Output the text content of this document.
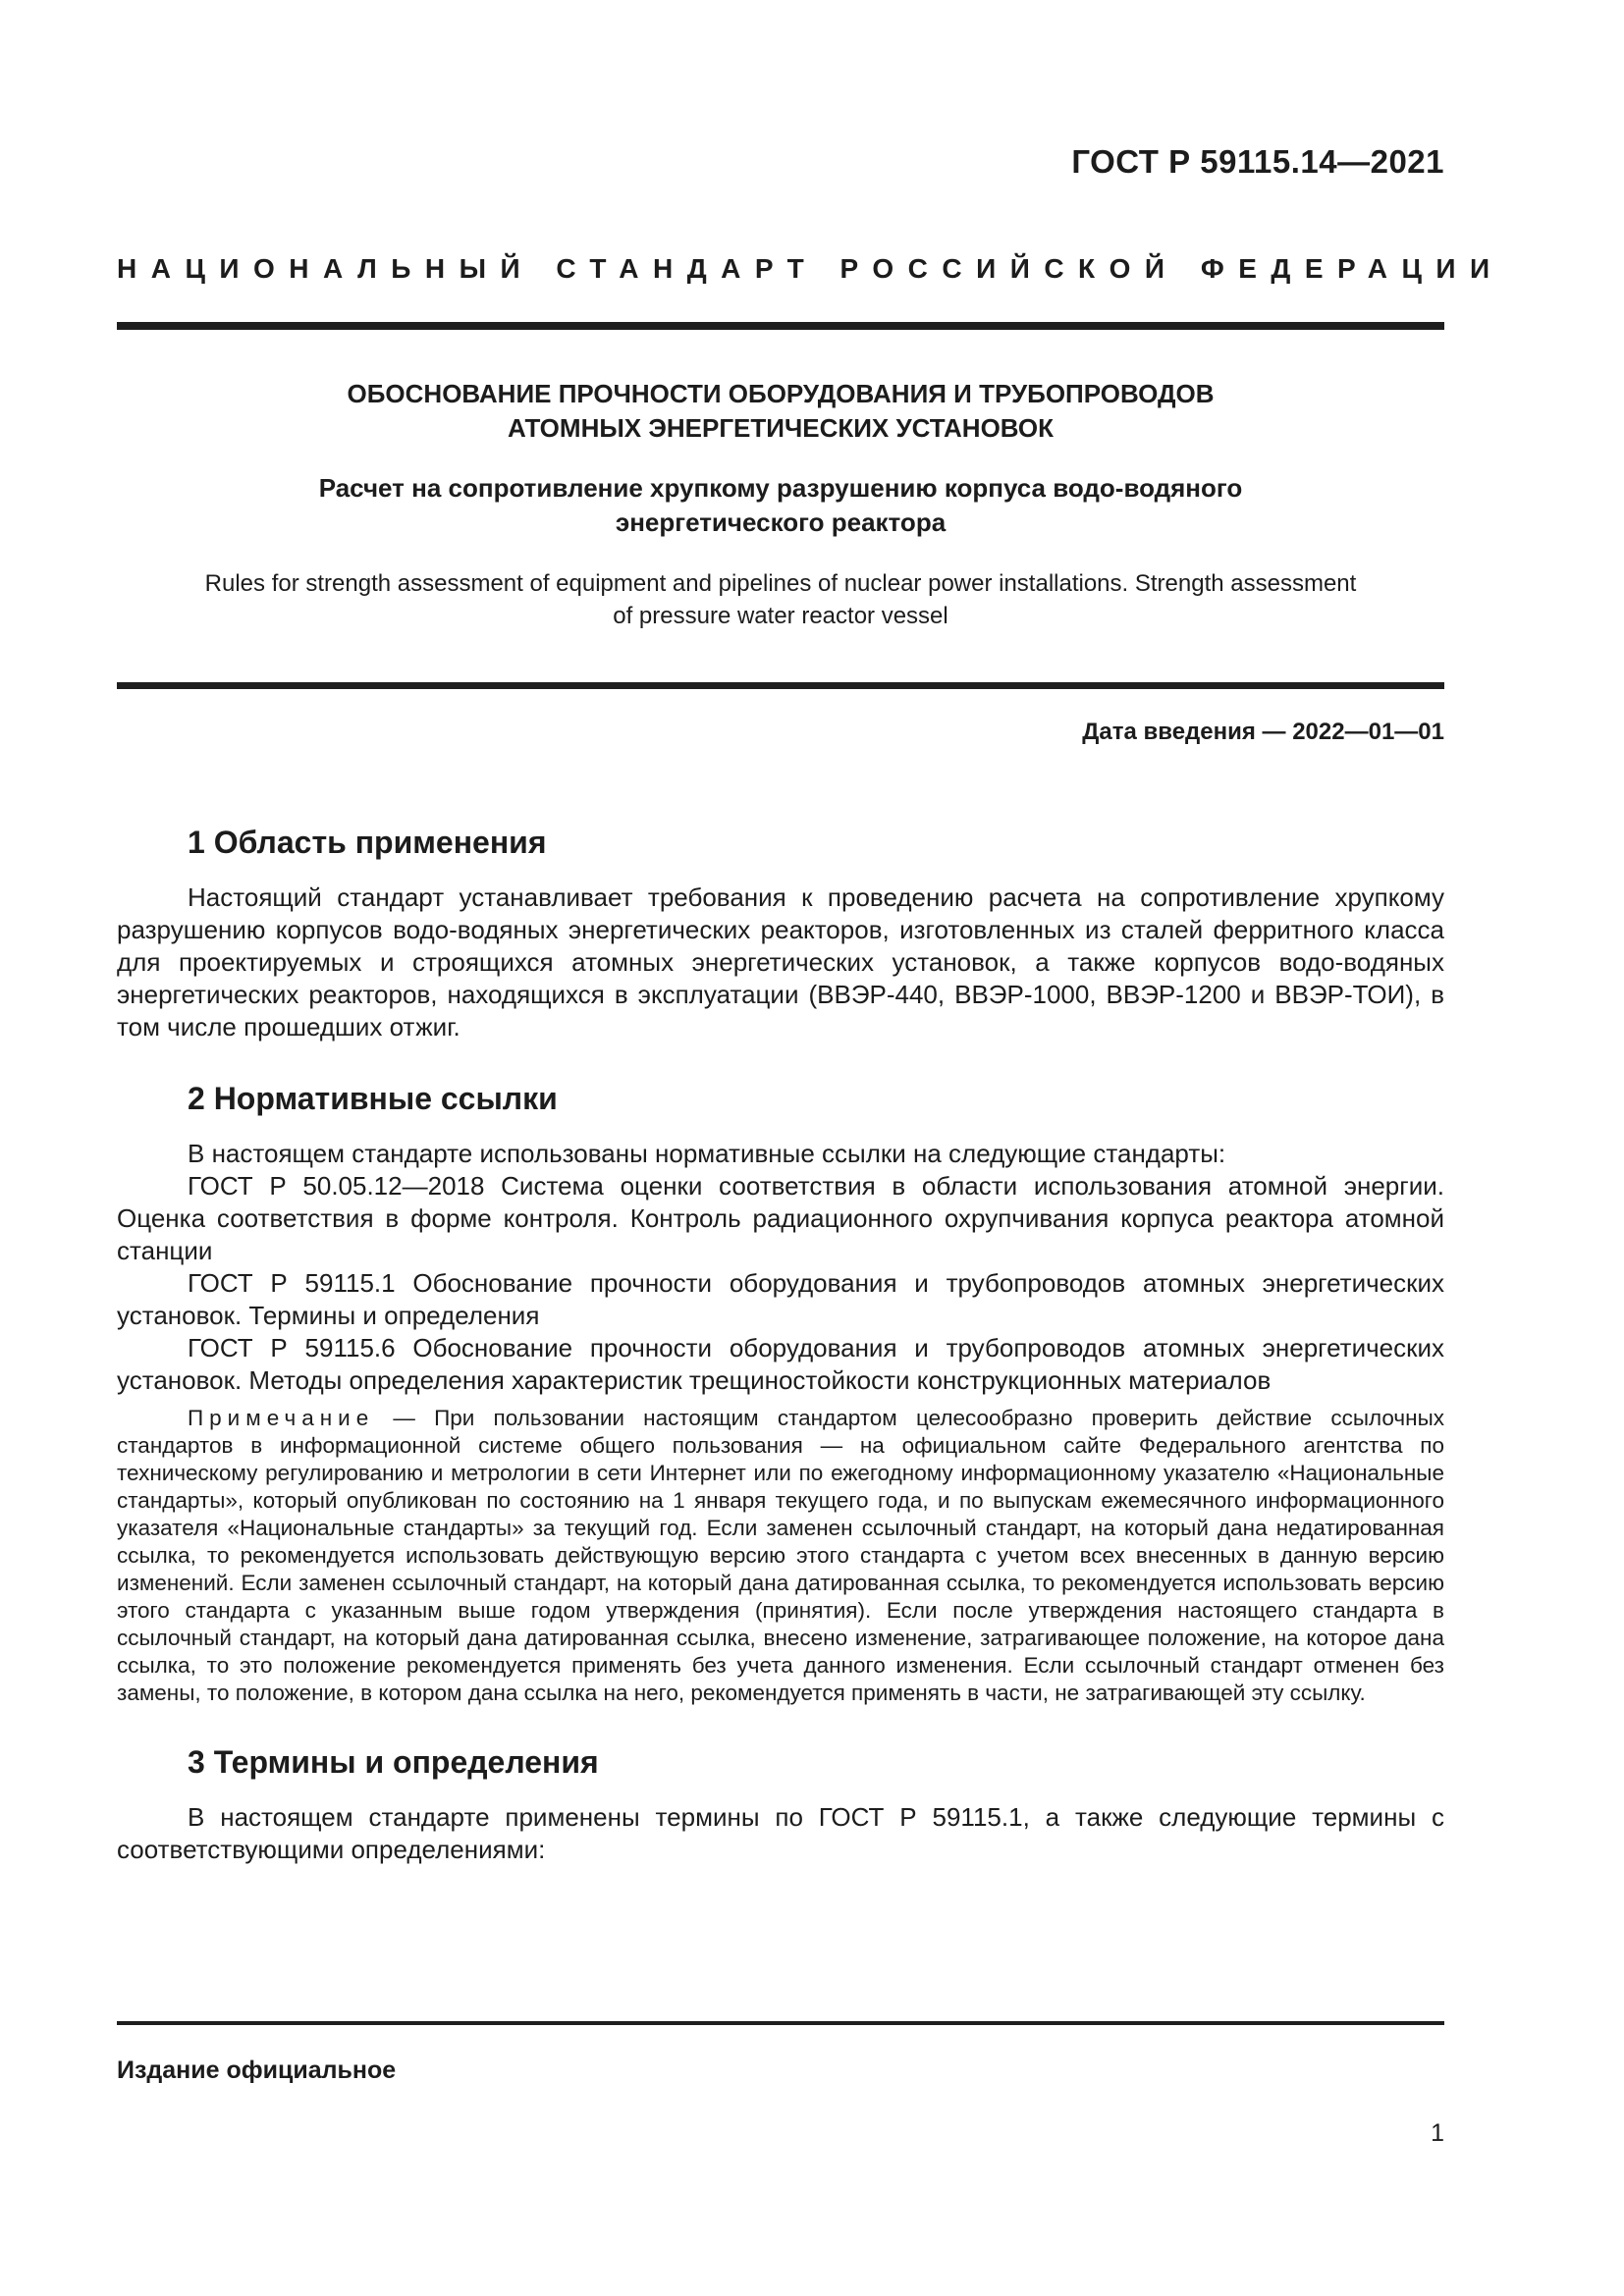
ГОСТ Р 59115.14—2021
НАЦИОНАЛЬНЫЙ СТАНДАРТ РОССИЙСКОЙ ФЕДЕРАЦИИ

ОБОСНОВАНИЕ ПРОЧНОСТИ ОБОРУДОВАНИЯ И ТРУБОПРОВОДОВ
АТОМНЫХ ЭНЕРГЕТИЧЕСКИХ УСТАНОВОК

Расчет на сопротивление хрупкому разрушению корпуса водо-водяного
энергетического реактора

Rules for strength assessment of equipment and pipelines of nuclear power installations. Strength assessment
of pressure water reactor vessel

Дата введения — 2022—01—01
1 Область применения

Настоящий стандарт устанавливает требования к проведению расчета на сопротивление хрупкому разрушению корпусов водо-водяных энергетических реакторов, изготовленных из сталей ферритного класса для проектируемых и строящихся атомных энергетических установок, а также корпусов водо-водяных энергетических реакторов, находящихся в эксплуатации (ВВЭР-440, ВВЭР-1000, ВВЭР-1200 и ВВЭР-ТОИ), в том числе прошедших отжиг.

2 Нормативные ссылки

В настоящем стандарте использованы нормативные ссылки на следующие стандарты:

ГОСТ Р 50.05.12—2018 Система оценки соответствия в области использования атомной энергии. Оценка соответствия в форме контроля. Контроль радиационного охрупчивания корпуса реактора атомной станции

ГОСТ Р 59115.1 Обоснование прочности оборудования и трубопроводов атомных энергетических установок. Термины и определения

ГОСТ Р 59115.6 Обоснование прочности оборудования и трубопроводов атомных энергетических установок. Методы определения характеристик трещиностойкости конструкционных материалов

Примечание — При пользовании настоящим стандартом целесообразно проверить действие ссылочных стандартов в информационной системе общего пользования — на официальном сайте Федерального агентства по техническому регулированию и метрологии в сети Интернет или по ежегодному информационному указателю «Национальные стандарты», который опубликован по состоянию на 1 января текущего года, и по выпускам ежемесячного информационного указателя «Национальные стандарты» за текущий год. Если заменен ссылочный стандарт, на который дана недатированная ссылка, то рекомендуется использовать действующую версию этого стандарта с учетом всех внесенных в данную версию изменений. Если заменен ссылочный стандарт, на который дана датированная ссылка, то рекомендуется использовать версию этого стандарта с указанным выше годом утверждения (принятия). Если после утверждения настоящего стандарта в ссылочный стандарт, на который дана датированная ссылка, внесено изменение, затрагивающее положение, на которое дана ссылка, то это положение рекомендуется применять без учета данного изменения. Если ссылочный стандарт отменен без замены, то положение, в котором дана ссылка на него, рекомендуется применять в части, не затрагивающей эту ссылку.

3 Термины и определения

В настоящем стандарте применены термины по ГОСТ Р 59115.1, а также следующие термины с соответствующими определениями:

Издание официальное
1
